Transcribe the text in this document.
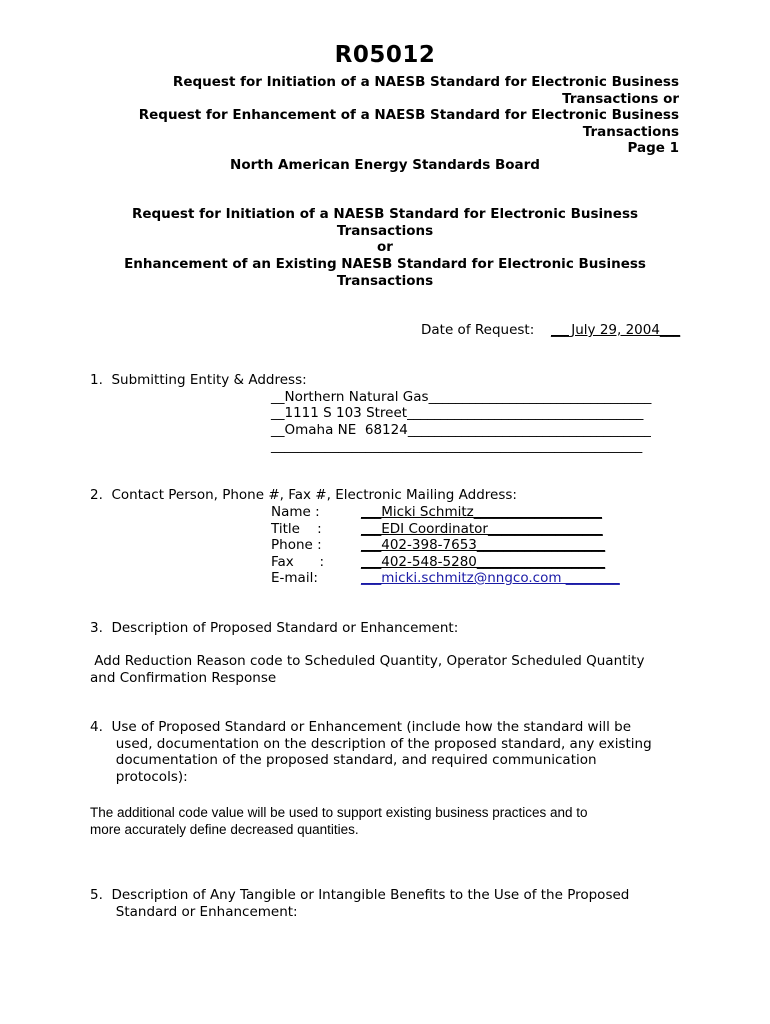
R05012
Request for Initiation of a NAESB Standard for Electronic Business
Transactions or
Request for Enhancement of a NAESB Standard for Electronic Business
Transactions
Page 1
North American Energy Standards Board
Request for Initiation of a NAESB Standard for Electronic Business
Transactions
or
Enhancement of an Existing NAESB Standard for Electronic Business
Transactions
Date of Request: ___July 29, 2004___
1.  Submitting Entity & Address:
__Northern Natural Gas_________________________________
__1111 S 103 Street___________________________________
__Omaha NE  68124____________________________________
_______________________________________________________
2.  Contact Person, Phone #, Fax #, Electronic Mailing Address:
Name :	___Micki Schmitz___________________
Title    :	___EDI Coordinator_________________
Phone :	___402-398-7653___________________
Fax      :	___402-548-5280___________________
E-mail:	___micki.schmitz@nngco.com ________
3.  Description of Proposed Standard or Enhancement:
Add Reduction Reason code to Scheduled Quantity, Operator Scheduled Quantity
and Confirmation Response
4.  Use of Proposed Standard or Enhancement (include how the standard will be
used, documentation on the description of the proposed standard, any existing
documentation of the proposed standard, and required communication
protocols):
The additional code value will be used to support existing business practices and to
more accurately define decreased quantities.
5.  Description of Any Tangible or Intangible Benefits to the Use of the Proposed
Standard or Enhancement:
